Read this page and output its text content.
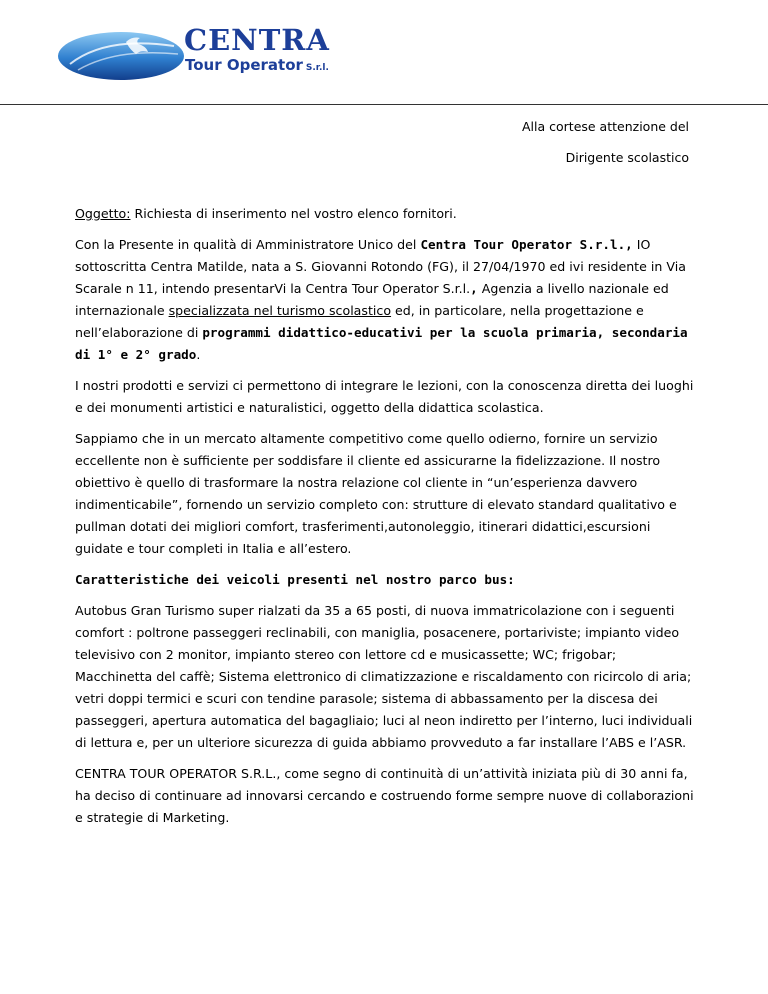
CENTRA
Tour Operator S.r.l.
Alla cortese attenzione del
Dirigente scolastico

Oggetto: Richiesta di inserimento nel vostro elenco fornitori.

Con la Presente in qualità di Amministratore Unico del Centra Tour Operator S.r.l., IO sottoscritta Centra Matilde, nata a S. Giovanni Rotondo (FG), il 27/04/1970 ed ivi residente in Via Scarale n 11, intendo presentarVi la Centra Tour Operator S.r.l., Agenzia a livello nazionale ed internazionale specializzata nel turismo scolastico ed, in particolare, nella progettazione e nell’elaborazione di programmi didattico-educativi per la scuola primaria, secondaria di 1° e 2° grado.

I nostri prodotti e servizi ci permettono di integrare le lezioni, con la conoscenza diretta dei luoghi e dei monumenti artistici e naturalistici, oggetto della didattica scolastica.

Sappiamo che in un mercato altamente competitivo come quello odierno, fornire un servizio eccellente non è sufficiente per soddisfare il cliente ed assicurarne la fidelizzazione. Il nostro obiettivo è quello di trasformare la nostra relazione col cliente in “un’esperienza davvero indimenticabile”, fornendo un servizio completo con: strutture di elevato standard qualitativo e pullman dotati dei migliori comfort, trasferimenti,autonoleggio, itinerari didattici,escursioni guidate e tour completi in Italia e all’estero.

Caratteristiche dei veicoli presenti nel nostro parco bus:

Autobus Gran Turismo super rialzati da 35 a 65 posti, di nuova immatricolazione con i seguenti comfort : poltrone passeggeri reclinabili, con maniglia, posacenere, portariviste; impianto video televisivo con 2 monitor, impianto stereo con lettore cd e musicassette; WC; frigobar; Macchinetta del caffè; Sistema elettronico di climatizzazione e riscaldamento con ricircolo di aria; vetri doppi termici e scuri con tendine parasole; sistema di abbassamento per la discesa dei passeggeri, apertura automatica del bagagliaio; luci al neon indiretto per l’interno, luci individuali di lettura e, per un ulteriore sicurezza di guida abbiamo provveduto a far installare l’ABS e l’ASR.

CENTRA TOUR OPERATOR S.R.L., come segno di continuità di un’attività iniziata più di 30 anni fa, ha deciso di continuare ad innovarsi cercando e costruendo forme sempre nuove di collaborazioni e strategie di Marketing.
